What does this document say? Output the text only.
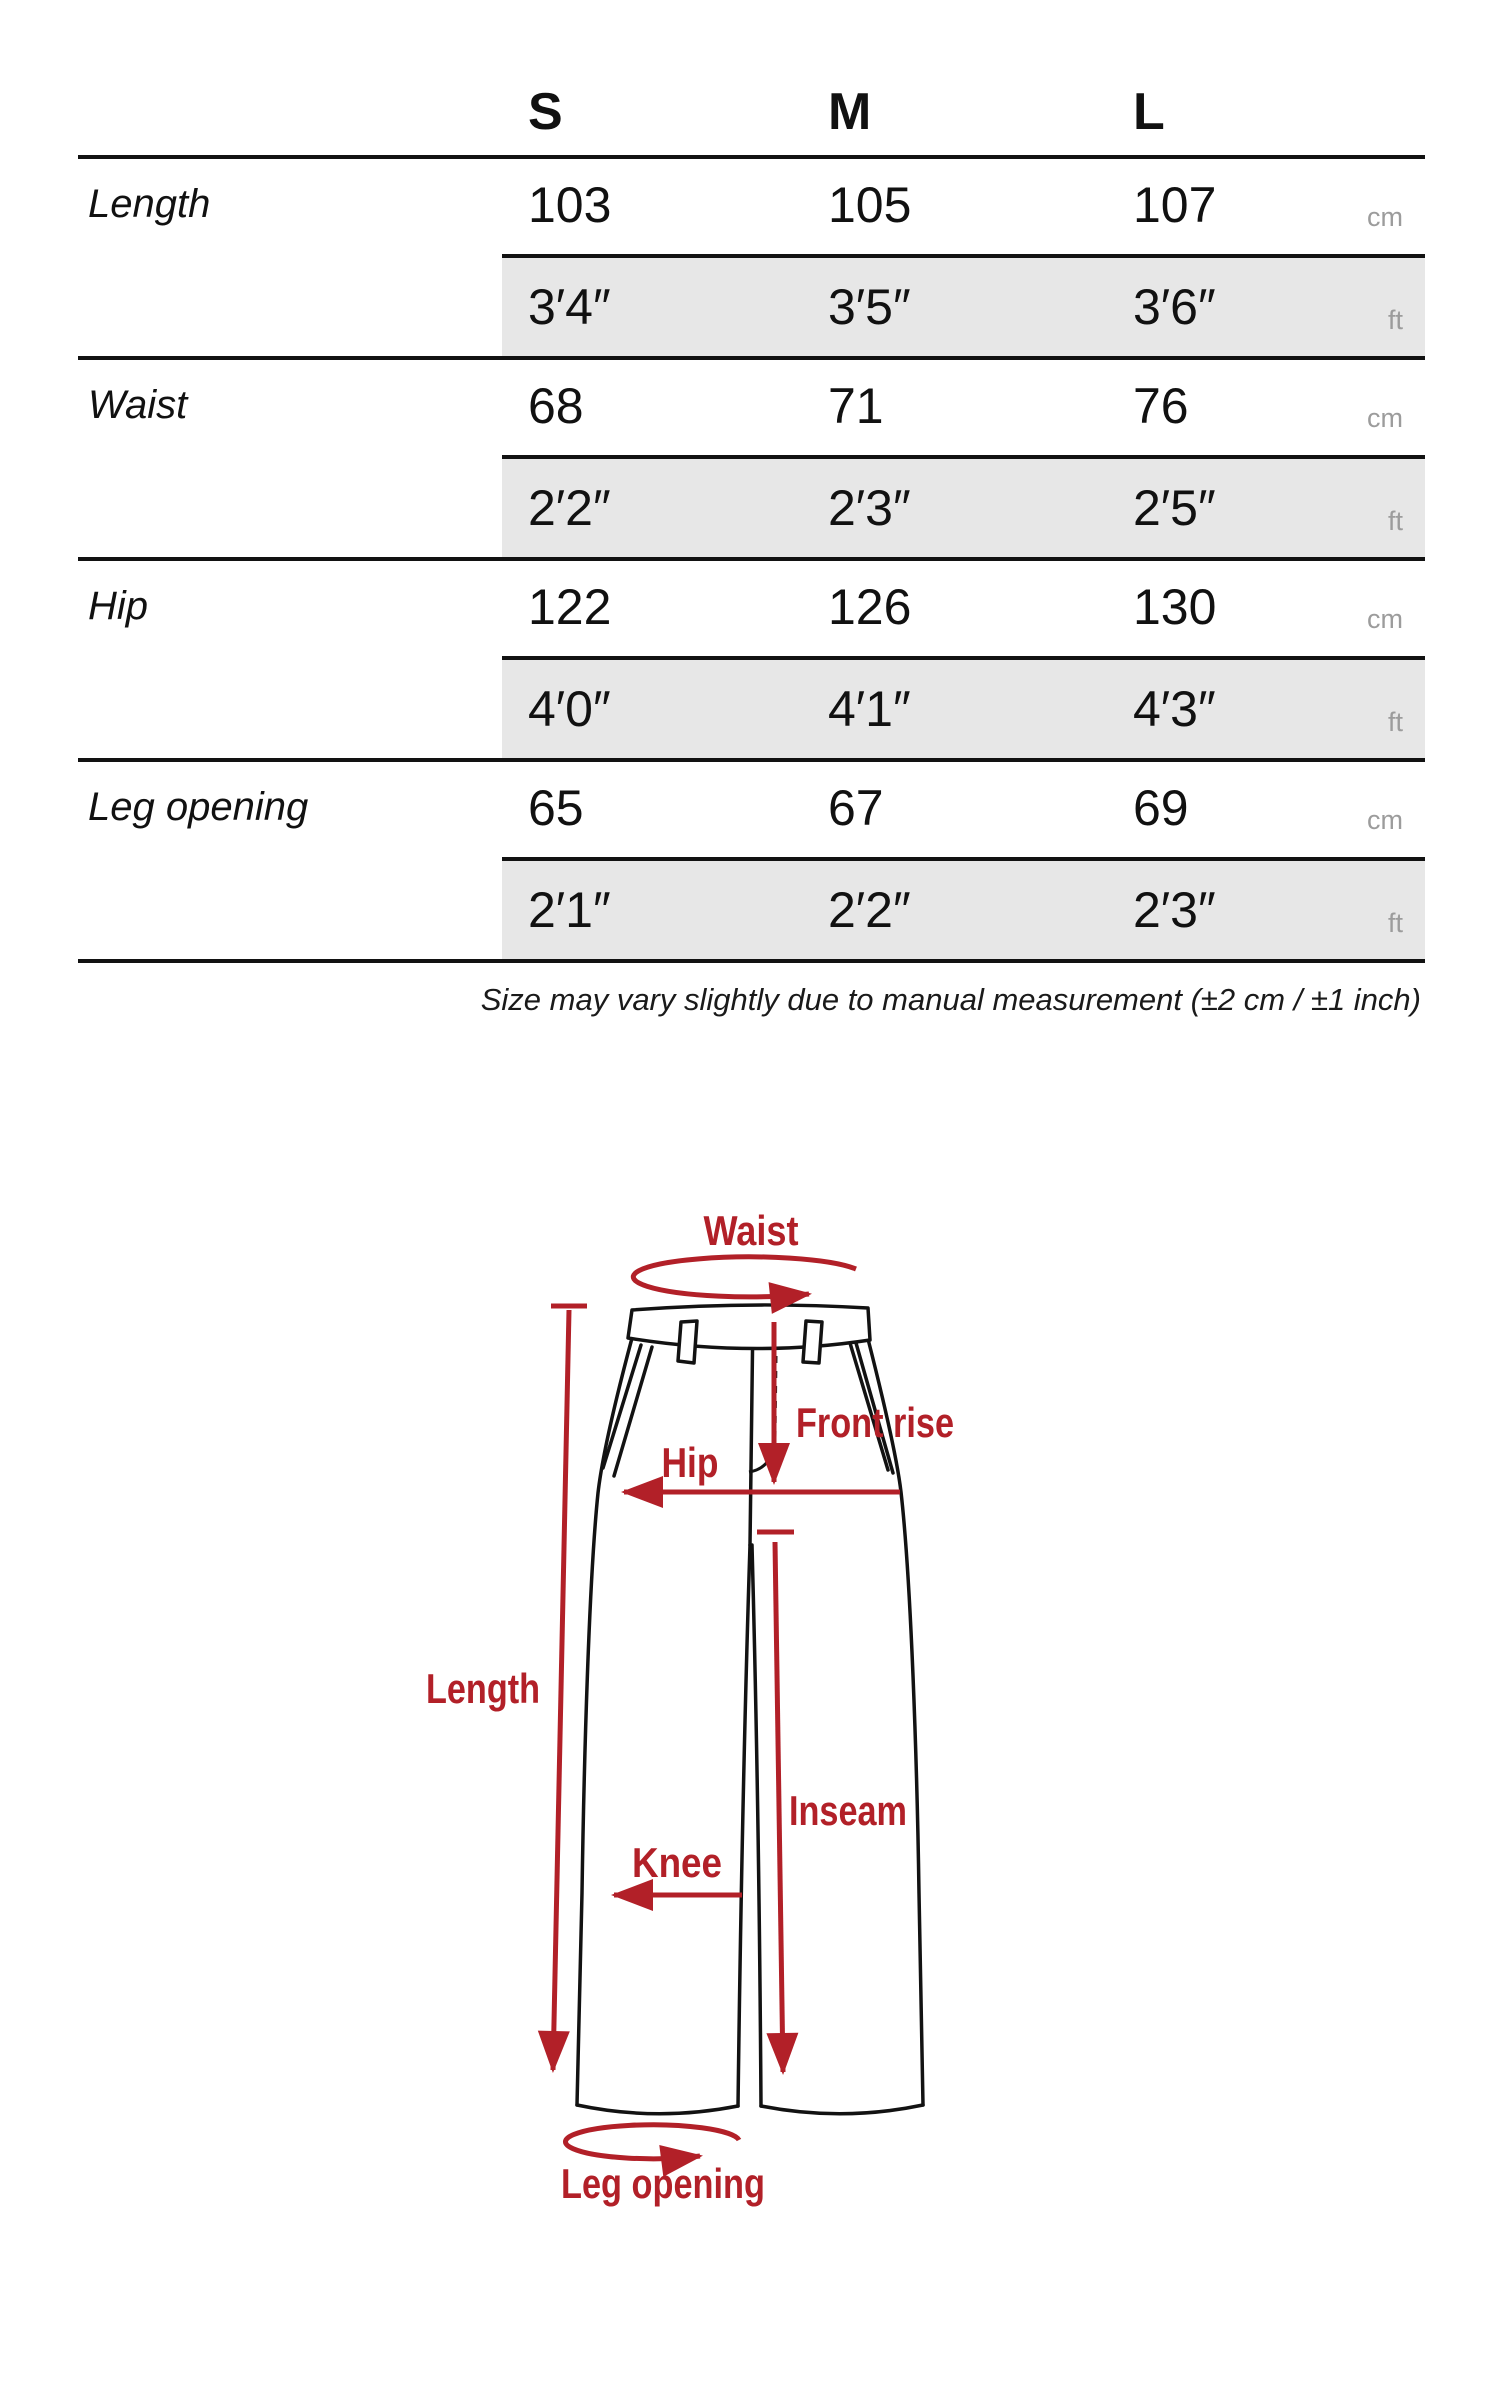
S	M	L
Length	103	105	107	cm
3′4″	3′5″	3′6″	ft
Waist	68	71	76	cm
2′2″	2′3″	2′5″	ft
Hip	122	126	130	cm
4′0″	4′1″	4′3″	ft
Leg opening	65	67	69	cm
2′1″	2′2″	2′3″	ft
Size may vary slightly due to manual measurement (±2 cm / ±1 inch)
Waist
Front rise
Hip
Length
Knee
Inseam
Leg opening
